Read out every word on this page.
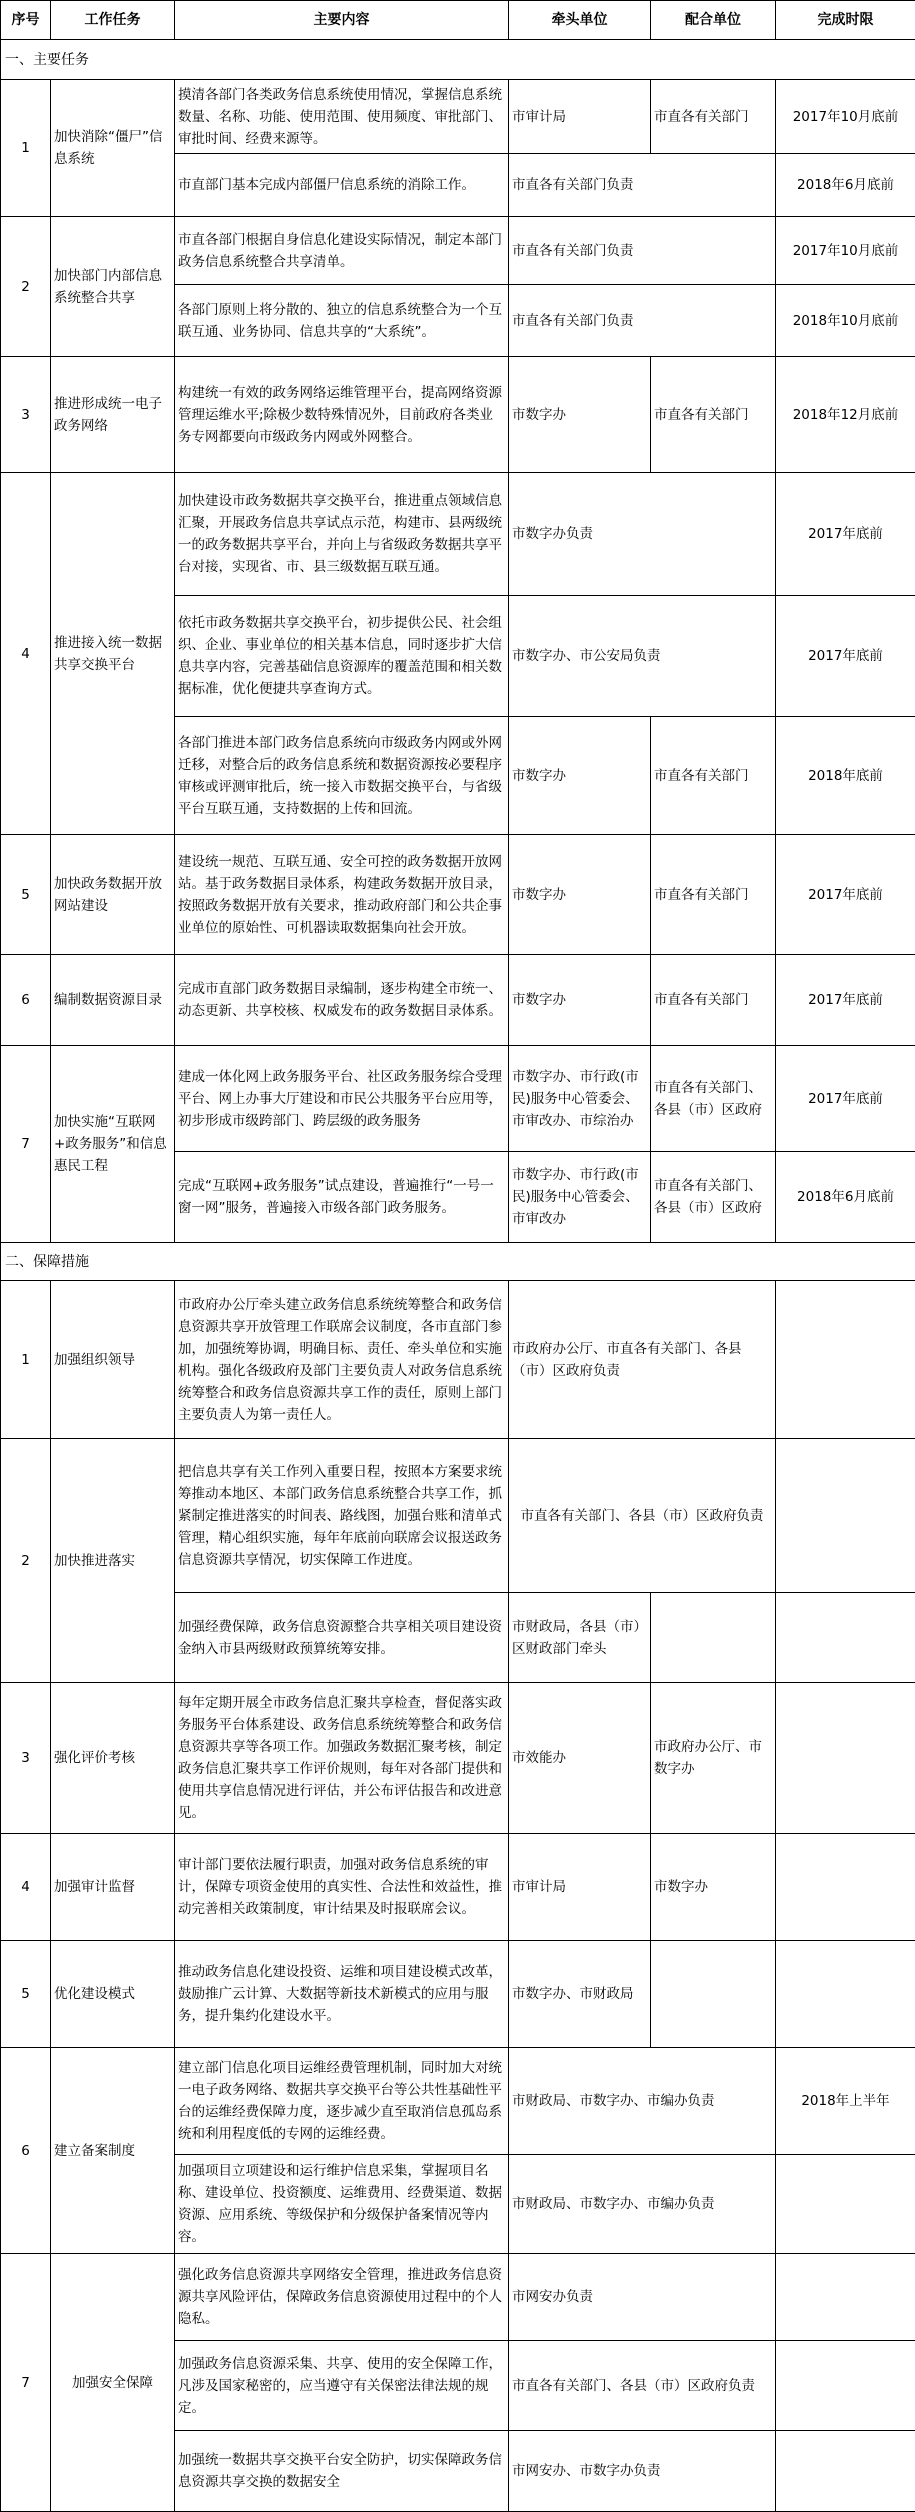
序号	工作任务	主要内容	牵头单位	配合单位	完成时限
一、主要任务					
1	加快消除“僵尸”信息系统	摸清各部门各类政务信息系统使用情况，掌握信息系统数量、名称、功能、使用范围、使用频度、审批部门、审批时间、经费来源等。	市审计局	市直各有关部门	2017年10月底前
		市直部门基本完成内部僵尸信息系统的消除工作。	市直各有关部门负责		2018年6月底前
2	加快部门内部信息系统整合共享	市直各部门根据自身信息化建设实际情况，制定本部门政务信息系统整合共享清单。	市直各有关部门负责		2017年10月底前
		各部门原则上将分散的、独立的信息系统整合为一个互联互通、业务协同、信息共享的“大系统”。	市直各有关部门负责		2018年10月底前
3	推进形成统一电子政务网络	构建统一有效的政务网络运维管理平台，提高网络资源管理运维水平;除极少数特殊情况外，目前政府各类业务专网都要向市级政务内网或外网整合。	市数字办	市直各有关部门	2018年12月底前
4	推进接入统一数据共享交换平台	加快建设市政务数据共享交换平台，推进重点领域信息汇聚，开展政务信息共享试点示范，构建市、县两级统一的政务数据共享平台，并向上与省级政务数据共享平台对接，实现省、市、县三级数据互联互通。	市数字办负责		2017年底前
		依托市政务数据共享交换平台，初步提供公民、社会组织、企业、事业单位的相关基本信息，同时逐步扩大信息共享内容，完善基础信息资源库的覆盖范围和相关数据标准，优化便捷共享查询方式。	市数字办、市公安局负责		2017年底前
		各部门推进本部门政务信息系统向市级政务内网或外网迁移，对整合后的政务信息系统和数据资源按必要程序审核或评测审批后，统一接入市数据交换平台，与省级平台互联互通，支持数据的上传和回流。	市数字办	市直各有关部门	2018年底前
5	加快政务数据开放网站建设	建设统一规范、互联互通、安全可控的政务数据开放网站。基于政务数据目录体系，构建政务数据开放目录，按照政务数据开放有关要求，推动政府部门和公共企事业单位的原始性、可机器读取数据集向社会开放。	市数字办	市直各有关部门	2017年底前
6	编制数据资源目录	完成市直部门政务数据目录编制，逐步构建全市统一、动态更新、共享校核、权威发布的政务数据目录体系。	市数字办	市直各有关部门	2017年底前
7	加快实施“互联网+政务服务”和信息惠民工程	建成一体化网上政务服务平台、社区政务服务综合受理平台、网上办事大厅建设和市民公共服务平台应用等，初步形成市级跨部门、跨层级的政务服务	市数字办、市行政(市民)服务中心管委会、市审改办、市综治办	市直各有关部门、各县（市）区政府	2017年底前
		完成“互联网+政务服务”试点建设，普遍推行“一号一窗一网”服务，普遍接入市级各部门政务服务。	市数字办、市行政(市民)服务中心管委会、市审改办	市直各有关部门、各县（市）区政府	2018年6月底前
二、保障措施					
1	加强组织领导	市政府办公厅牵头建立政务信息系统统筹整合和政务信息资源共享开放管理工作联席会议制度，各市直部门参加，加强统筹协调，明确目标、责任、牵头单位和实施机构。强化各级政府及部门主要负责人对政务信息系统统筹整合和政务信息资源共享工作的责任，原则上部门主要负责人为第一责任人。	市政府办公厅、市直各有关部门、各县（市）区政府负责		
2	加快推进落实	把信息共享有关工作列入重要日程，按照本方案要求统筹推动本地区、本部门政务信息系统整合共享工作，抓紧制定推进落实的时间表、路线图，加强台账和清单式管理，精心组织实施，每年年底前向联席会议报送政务信息资源共享情况，切实保障工作进度。	市直各有关部门、各县（市）区政府负责		
		加强经费保障，政务信息资源整合共享相关项目建设资金纳入市县两级财政预算统筹安排。	市财政局，各县（市）区财政部门牵头		
3	强化评价考核	每年定期开展全市政务信息汇聚共享检查，督促落实政务服务平台体系建设、政务信息系统统筹整合和政务信息资源共享等各项工作。加强政务数据汇聚考核，制定政务信息汇聚共享工作评价规则，每年对各部门提供和使用共享信息情况进行评估，并公布评估报告和改进意见。	市效能办	市政府办公厅、市数字办	
4	加强审计监督	审计部门要依法履行职责，加强对政务信息系统的审计，保障专项资金使用的真实性、合法性和效益性，推动完善相关政策制度，审计结果及时报联席会议。	市审计局	市数字办	
5	优化建设模式	推动政务信息化建设投资、运维和项目建设模式改革，鼓励推广云计算、大数据等新技术新模式的应用与服务，提升集约化建设水平。	市数字办、市财政局		
6	建立备案制度	建立部门信息化项目运维经费管理机制，同时加大对统一电子政务网络、数据共享交换平台等公共性基础性平台的运维经费保障力度，逐步减少直至取消信息孤岛系统和利用程度低的专网的运维经费。	市财政局、市数字办、市编办负责		2018年上半年
		加强项目立项建设和运行维护信息采集，掌握项目名称、建设单位、投资额度、运维费用、经费渠道、数据资源、应用系统、等级保护和分级保护备案情况等内容。	市财政局、市数字办、市编办负责		
7	加强安全保障	强化政务信息资源共享网络安全管理，推进政务信息资源共享风险评估，保障政务信息资源使用过程中的个人隐私。	市网安办负责		
		加强政务信息资源采集、共享、使用的安全保障工作，凡涉及国家秘密的，应当遵守有关保密法律法规的规定。	市直各有关部门、各县（市）区政府负责		
		加强统一数据共享交换平台安全防护，切实保障政务信息资源共享交换的数据安全	市网安办、市数字办负责		
